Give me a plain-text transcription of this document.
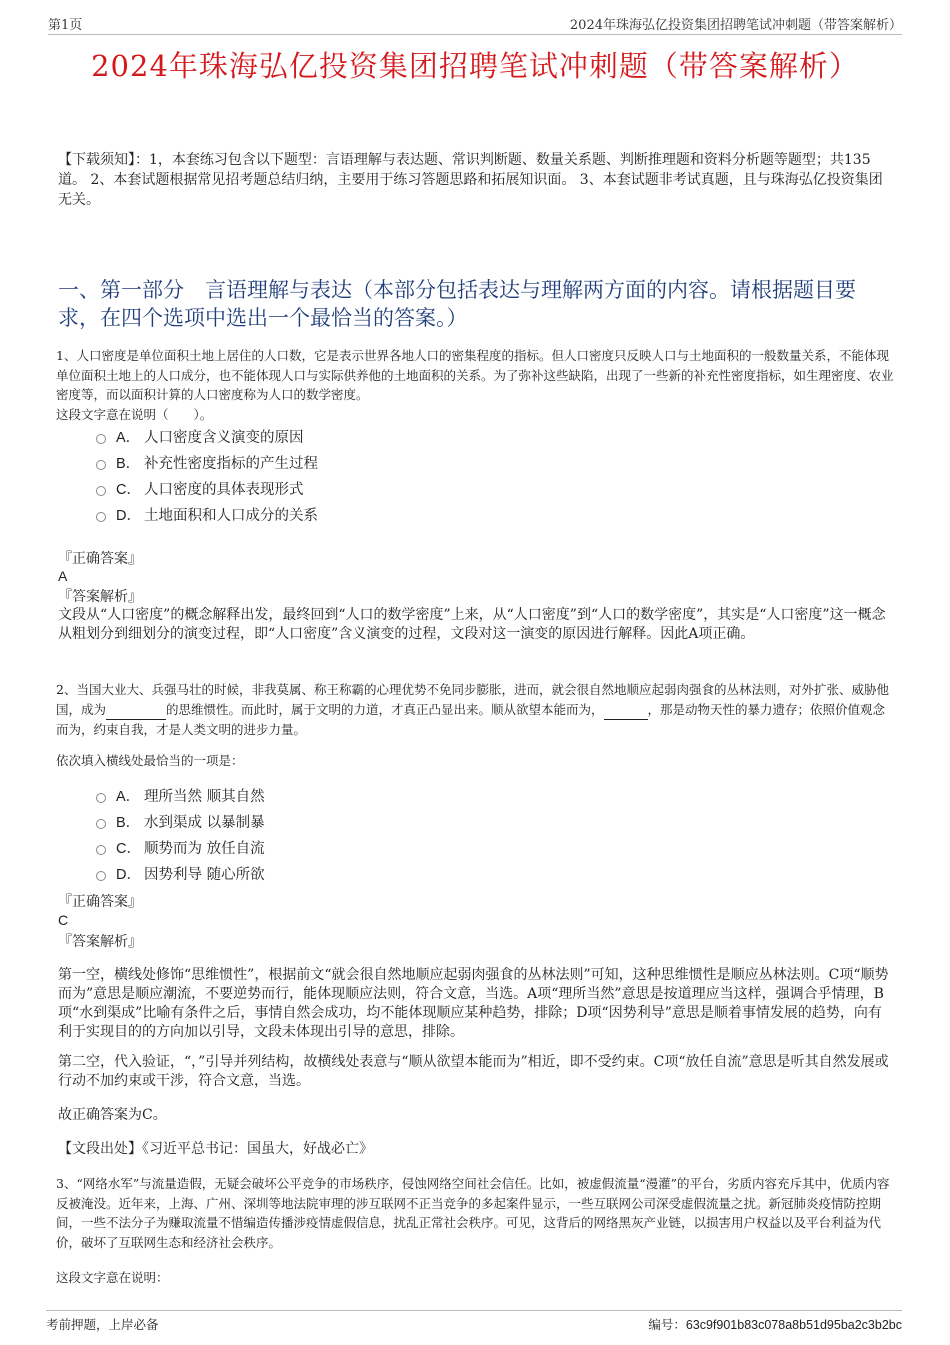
第1页	2024年珠海弘亿投资集团招聘笔试冲刺题（带答案解析）
2024年珠海弘亿投资集团招聘笔试冲刺题（带答案解析）
【下载须知】：1，本套练习包含以下题型：言语理解与表达题、常识判断题、数量关系题、判断推理题和资料分析题等题型；共135道。 2、本套试题根据常见招考题总结归纳，主要用于练习答题思路和拓展知识面。 3、本套试题非考试真题，且与珠海弘亿投资集团无关。
一、第一部分　言语理解与表达（本部分包括表达与理解两方面的内容。请根据题目要求，在四个选项中选出一个最恰当的答案。）
1、人口密度是单位面积土地上居住的人口数，它是表示世界各地人口的密集程度的指标。但人口密度只反映人口与土地面积的一般数量关系，不能体现单位面积土地上的人口成分，也不能体现人口与实际供养他的土地面积的关系。为了弥补这些缺陷，出现了一些新的补充性密度指标，如生理密度、农业密度等，而以面积计算的人口密度称为人口的数学密度。
这段文字意在说明（　　）。
A． 人口密度含义演变的原因
B． 补充性密度指标的产生过程
C． 人口密度的具体表现形式
D． 土地面积和人口成分的关系
『正确答案』
A
『答案解析』
文段从“人口密度”的概念解释出发，最终回到“人口的数学密度”上来，从“人口密度”到“人口的数学密度”，其实是“人口密度”这一概念从粗划分到细划分的演变过程，即“人口密度”含义演变的过程，文段对这一演变的原因进行解释。因此A项正确。
2、当国大业大、兵强马壮的时候，非我莫属、称王称霸的心理优势不免同步膨胀，进而，就会很自然地顺应起弱肉强食的丛林法则，对外扩张、威胁他国，成为	的思维惯性。而此时，属于文明的力道，才真正凸显出来。顺从欲望本能而为，	，那是动物天性的暴力遗存；依照价值观念而为，约束自我，才是人类文明的进步力量。
依次填入横线处最恰当的一项是：
A． 理所当然 顺其自然
B． 水到渠成 以暴制暴
C． 顺势而为 放任自流
D． 因势利导 随心所欲
『正确答案』
C
『答案解析』
第一空，横线处修饰“思维惯性”，根据前文“就会很自然地顺应起弱肉强食的丛林法则”可知，这种思维惯性是顺应丛林法则。C项“顺势而为”意思是顺应潮流，不要逆势而行，能体现顺应法则，符合文意，当选。A项“理所当然”意思是按道理应当这样，强调合乎情理，B项“水到渠成”比喻有条件之后，事情自然会成功，均不能体现顺应某种趋势，排除；D项“因势利导”意思是顺着事情发展的趋势，向有利于实现目的的方向加以引导，文段未体现出引导的意思，排除。
第二空，代入验证，“，”引导并列结构，故横线处表意与“顺从欲望本能而为”相近，即不受约束。C项“放任自流”意思是听其自然发展或行动不加约束或干涉，符合文意，当选。
故正确答案为C。
【文段出处】《习近平总书记：国虽大，好战必亡》
3、“网络水军”与流量造假，无疑会破坏公平竞争的市场秩序，侵蚀网络空间社会信任。比如，被虚假流量“漫灌”的平台，劣质内容充斥其中，优质内容反被淹没。近年来，上海、广州、深圳等地法院审理的涉互联网不正当竞争的多起案件显示，一些互联网公司深受虚假流量之扰。新冠肺炎疫情防控期间，一些不法分子为赚取流量不惜编造传播涉疫情虚假信息，扰乱正常社会秩序。可见，这背后的网络黑灰产业链，以损害用户权益以及平台利益为代价，破坏了互联网生态和经济社会秩序。
这段文字意在说明：
考前押题，上岸必备	编号：63c9f901b83c078a8b51d95ba2c3b2bc
